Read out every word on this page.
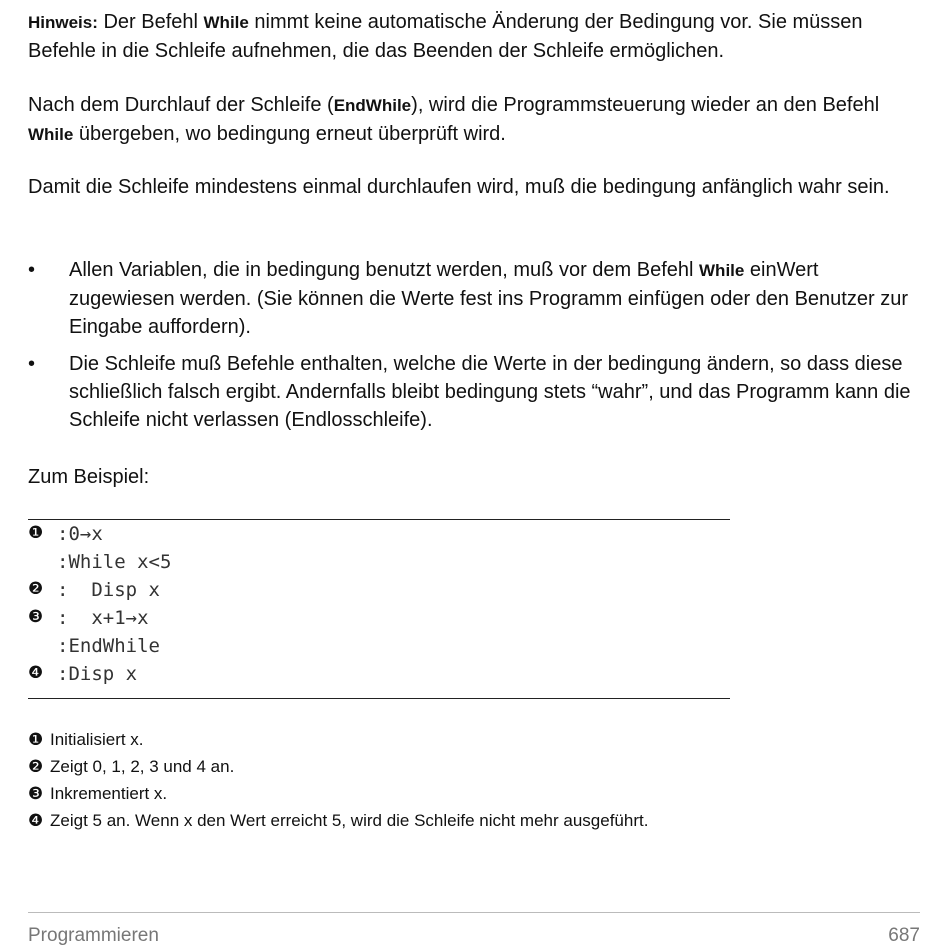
Hinweis: Der Befehl While nimmt keine automatische Änderung der Bedingung vor. Sie müssen Befehle in die Schleife aufnehmen, die das Beenden der Schleife ermöglichen.

Nach dem Durchlauf der Schleife (EndWhile), wird die Programmsteuerung wieder an den Befehl While übergeben, wo bedingung erneut überprüft wird.

Damit die Schleife mindestens einmal durchlaufen wird, muß die bedingung anfänglich wahr sein.

•	Allen Variablen, die in bedingung benutzt werden, muß vor dem Befehl While einWert zugewiesen werden. (Sie können die Werte fest ins Programm einfügen oder den Benutzer zur Eingabe auffordern).
•	Die Schleife muß Befehle enthalten, welche die Werte in der bedingung ändern, so dass diese schließlich falsch ergibt. Andernfalls bleibt bedingung stets “wahr”, und das Programm kann die Schleife nicht verlassen (Endlosschleife).
Zum Beispiel:
❶ :0→x
:While x<5
❷ :  Disp x
❸ :  x+1→x
:EndWhile
❹ :Disp x
❶ Initialisiert x.
❷ Zeigt 0, 1, 2, 3 und 4 an.
❸ Inkrementiert x.
❹ Zeigt 5 an. Wenn x den Wert erreicht 5, wird die Schleife nicht mehr ausgeführt.
Programmieren	687
